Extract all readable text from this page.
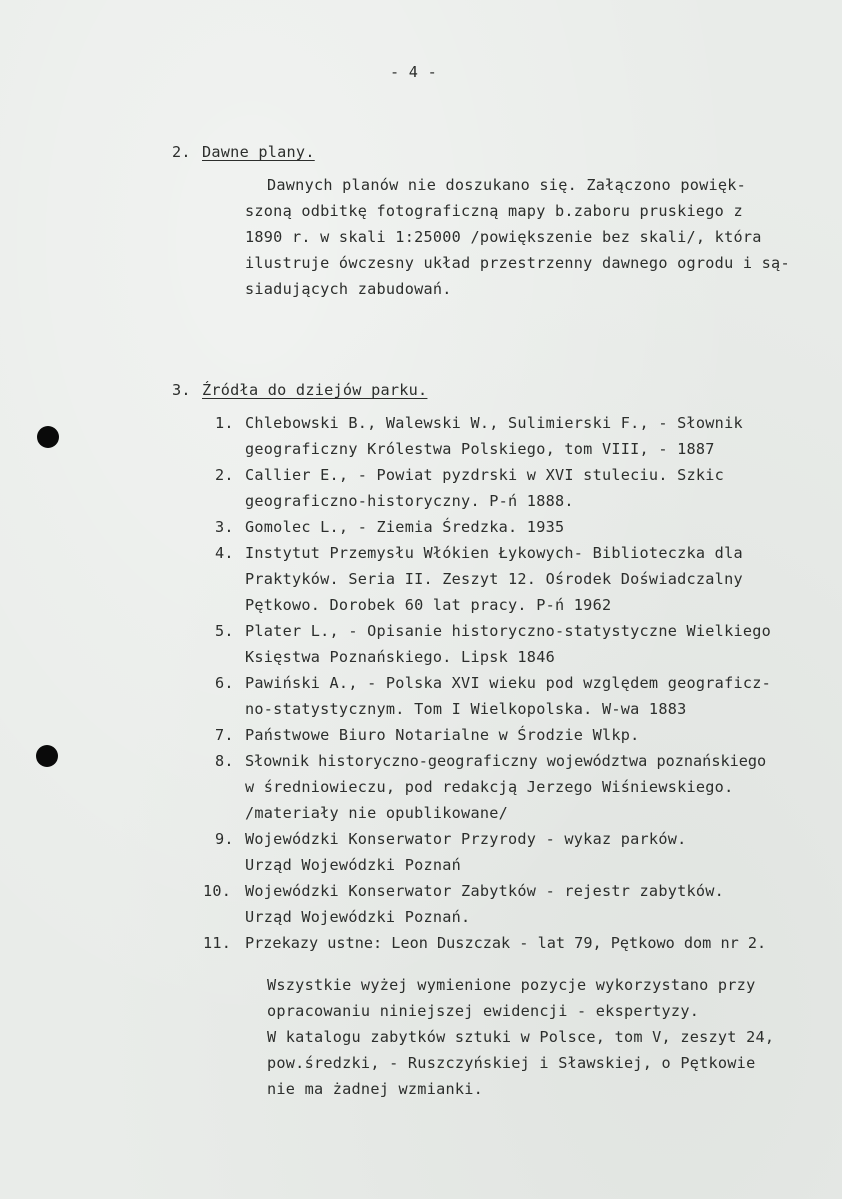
- 4 -
2. Dawne plany.
Dawnych planów nie doszukano się. Załączono powięk-
szoną odbitkę fotograficzną mapy b.zaboru pruskiego z
1890 r. w skali 1:25000 /powiększenie bez skali/, która
ilustruje ówczesny układ przestrzenny dawnego ogrodu i są-
siadujących zabudowań.
3. Źródła do dziejów parku.
1. Chlebowski B., Walewski W., Sulimierski F., - Słownik
geograficzny Królestwa Polskiego, tom VIII, - 1887
2. Callier E., - Powiat pyzdrski w XVI stuleciu. Szkic
geograficzno-historyczny. P-ń 1888.
3. Gomolec L., - Ziemia Średzka. 1935
4. Instytut Przemysłu Włókien Łykowych- Biblioteczka dla
Praktyków. Seria II. Zeszyt 12. Ośrodek Doświadczalny
Pętkowo. Dorobek 60 lat pracy. P-ń 1962
5. Plater L., - Opisanie historyczno-statystyczne Wielkiego
Księstwa Poznańskiego. Lipsk 1846
6. Pawiński A., - Polska XVI wieku pod względem geograficz-
no-statystycznym. Tom I Wielkopolska. W-wa 1883
7. Państwowe Biuro Notarialne w Środzie Wlkp.
8. Słownik historyczno-geograficzny województwa poznańskiego
w średniowieczu, pod redakcją Jerzego Wiśniewskiego.
/materiały nie opublikowane/
9. Wojewódzki Konserwator Przyrody - wykaz parków.
Urząd Wojewódzki Poznań
10. Wojewódzki Konserwator Zabytków - rejestr zabytków.
Urząd Wojewódzki Poznań.
11. Przekazy ustne: Leon Duszczak - lat 79, Pętkowo dom nr 2.
Wszystkie wyżej wymienione pozycje wykorzystano przy
opracowaniu niniejszej ewidencji - ekspertyzy.
W katalogu zabytków sztuki w Polsce, tom V, zeszyt 24,
pow.średzki, - Ruszczyńskiej i Sławskiej, o Pętkowie
nie ma żadnej wzmianki.
